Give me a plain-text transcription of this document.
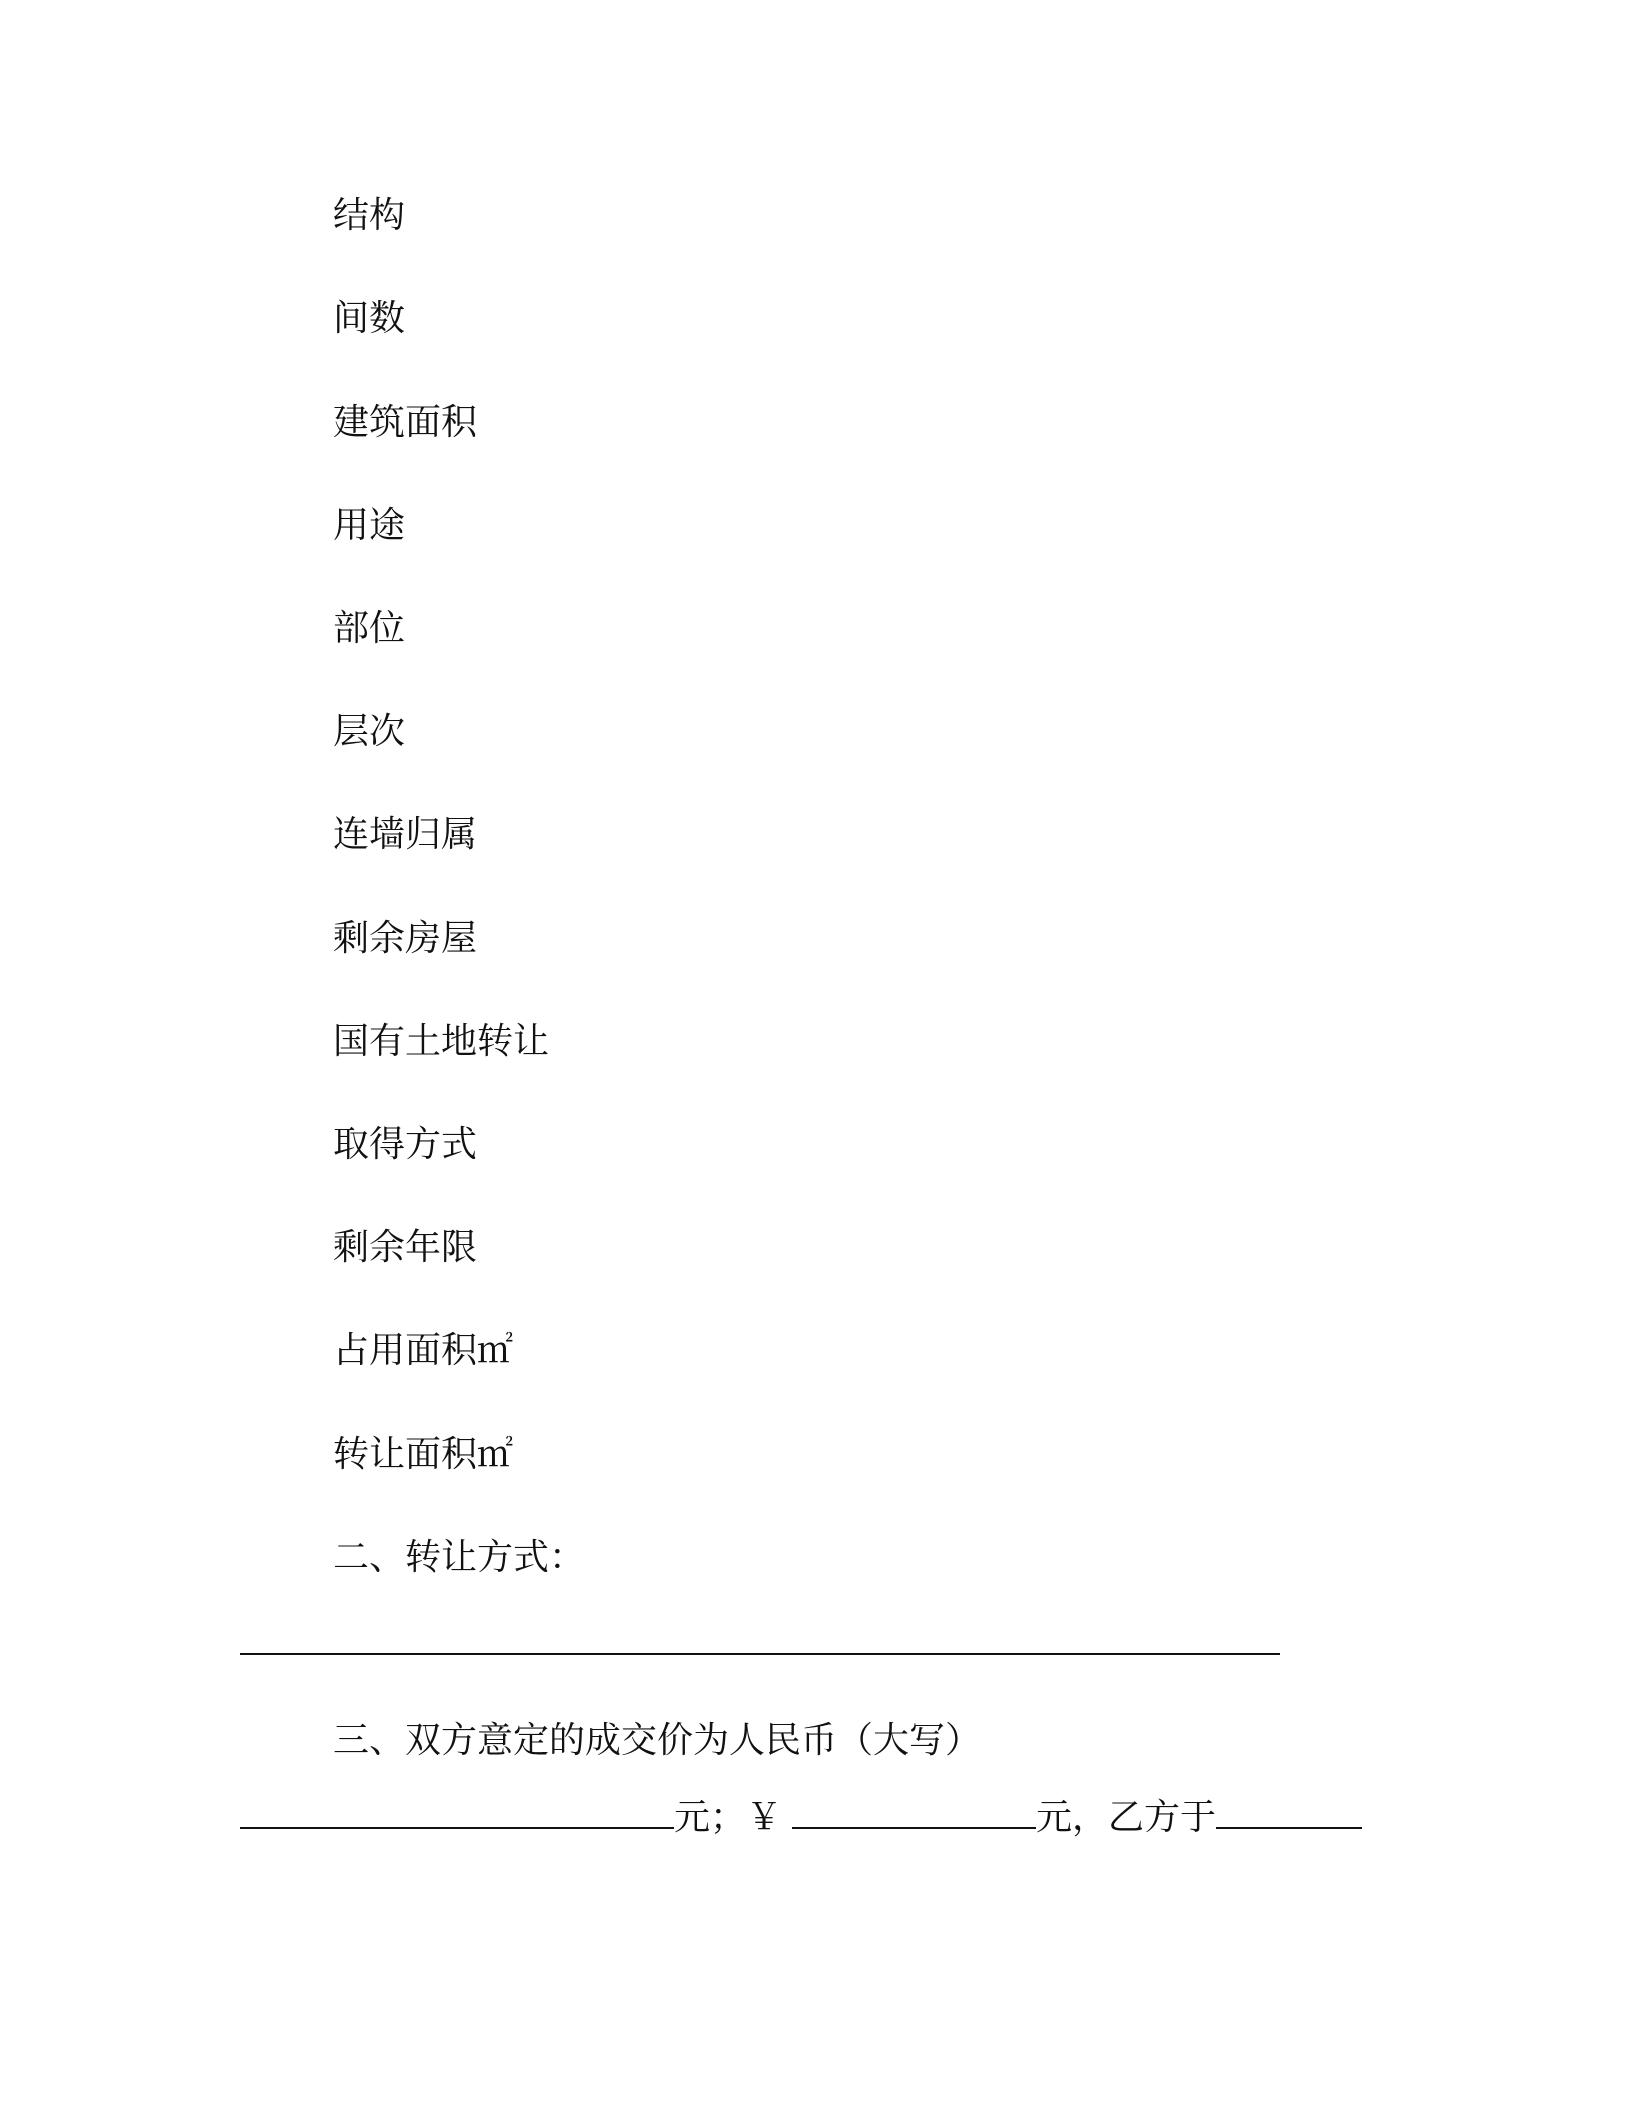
结构
间数
建筑面积
用途
部位
层次
连墙归属
剩余房屋
国有土地转让
取得方式
剩余年限
占用面积㎡
转让面积㎡
二、转让方式：
三、双方意定的成交价为人民币（大写）
元；￥	元，乙方于
